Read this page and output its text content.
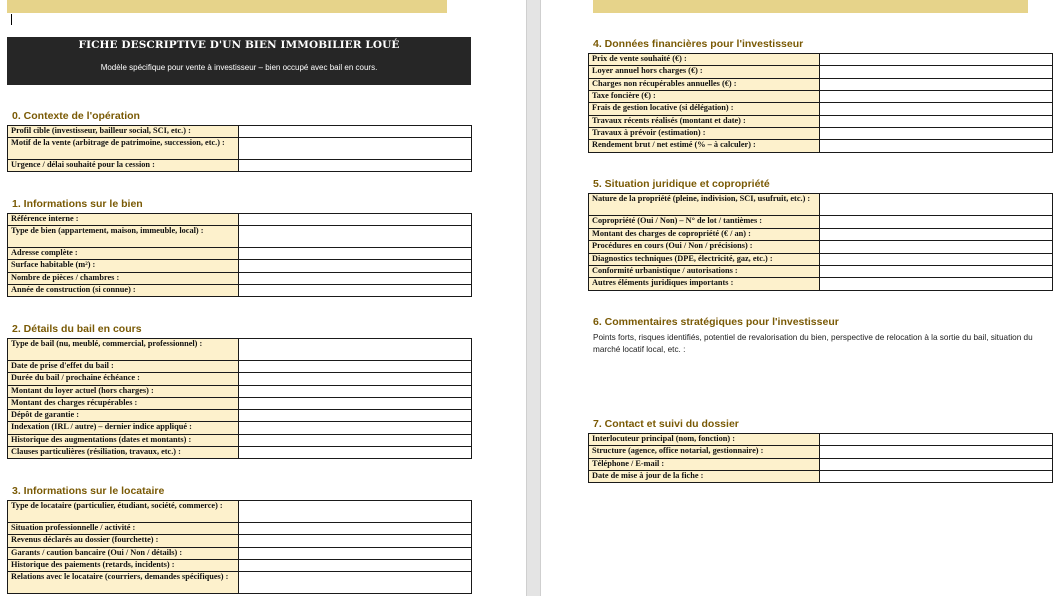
FICHE DESCRIPTIVE D'UN BIEN IMMOBILIER LOUÉ
Modèle spécifique pour vente à investisseur – bien occupé avec bail en cours.
0. Contexte de l'opération
Profil cible (investisseur, bailleur social, SCI, etc.) :	
Motif de la vente (arbitrage de patrimoine, succession, etc.) :	
Urgence / délai souhaité pour la cession :	
1. Informations sur le bien
Référence interne :	
Type de bien (appartement, maison, immeuble, local) :	
Adresse complète :	
Surface habitable (m²) :	
Nombre de pièces / chambres :	
Année de construction (si connue) :	
2. Détails du bail en cours
Type de bail (nu, meublé, commercial, professionnel) :	
Date de prise d'effet du bail :	
Durée du bail / prochaine échéance :	
Montant du loyer actuel (hors charges) :	
Montant des charges récupérables :	
Dépôt de garantie :	
Indexation (IRL / autre) – dernier indice appliqué :	
Historique des augmentations (dates et montants) :	
Clauses particulières (résiliation, travaux, etc.) :	
3. Informations sur le locataire
Type de locataire (particulier, étudiant, société, commerce) :	
Situation professionnelle / activité :	
Revenus déclarés au dossier (fourchette) :	
Garants / caution bancaire (Oui / Non / détails) :	
Historique des paiements (retards, incidents) :	
Relations avec le locataire (courriers, demandes spécifiques) :	
4. Données financières pour l'investisseur
Prix de vente souhaité (€) :	
Loyer annuel hors charges (€) :	
Charges non récupérables annuelles (€) :	
Taxe foncière (€) :	
Frais de gestion locative (si délégation) :	
Travaux récents réalisés (montant et date) :	
Travaux à prévoir (estimation) :	
Rendement brut / net estimé (% – à calculer) :	
5. Situation juridique et copropriété
Nature de la propriété (pleine, indivision, SCI, usufruit, etc.) :	
Copropriété (Oui / Non) – N° de lot / tantièmes :	
Montant des charges de copropriété (€ / an) :	
Procédures en cours (Oui / Non / précisions) :	
Diagnostics techniques (DPE, électricité, gaz, etc.) :	
Conformité urbanistique / autorisations :	
Autres éléments juridiques importants :	
6. Commentaires stratégiques pour l'investisseur
Points forts, risques identifiés, potentiel de revalorisation du bien, perspective de relocation à la sortie du bail, situation du marché locatif local, etc. :
7. Contact et suivi du dossier
Interlocuteur principal (nom, fonction) :	
Structure (agence, office notarial, gestionnaire) :	
Téléphone / E-mail :	
Date de mise à jour de la fiche :	
